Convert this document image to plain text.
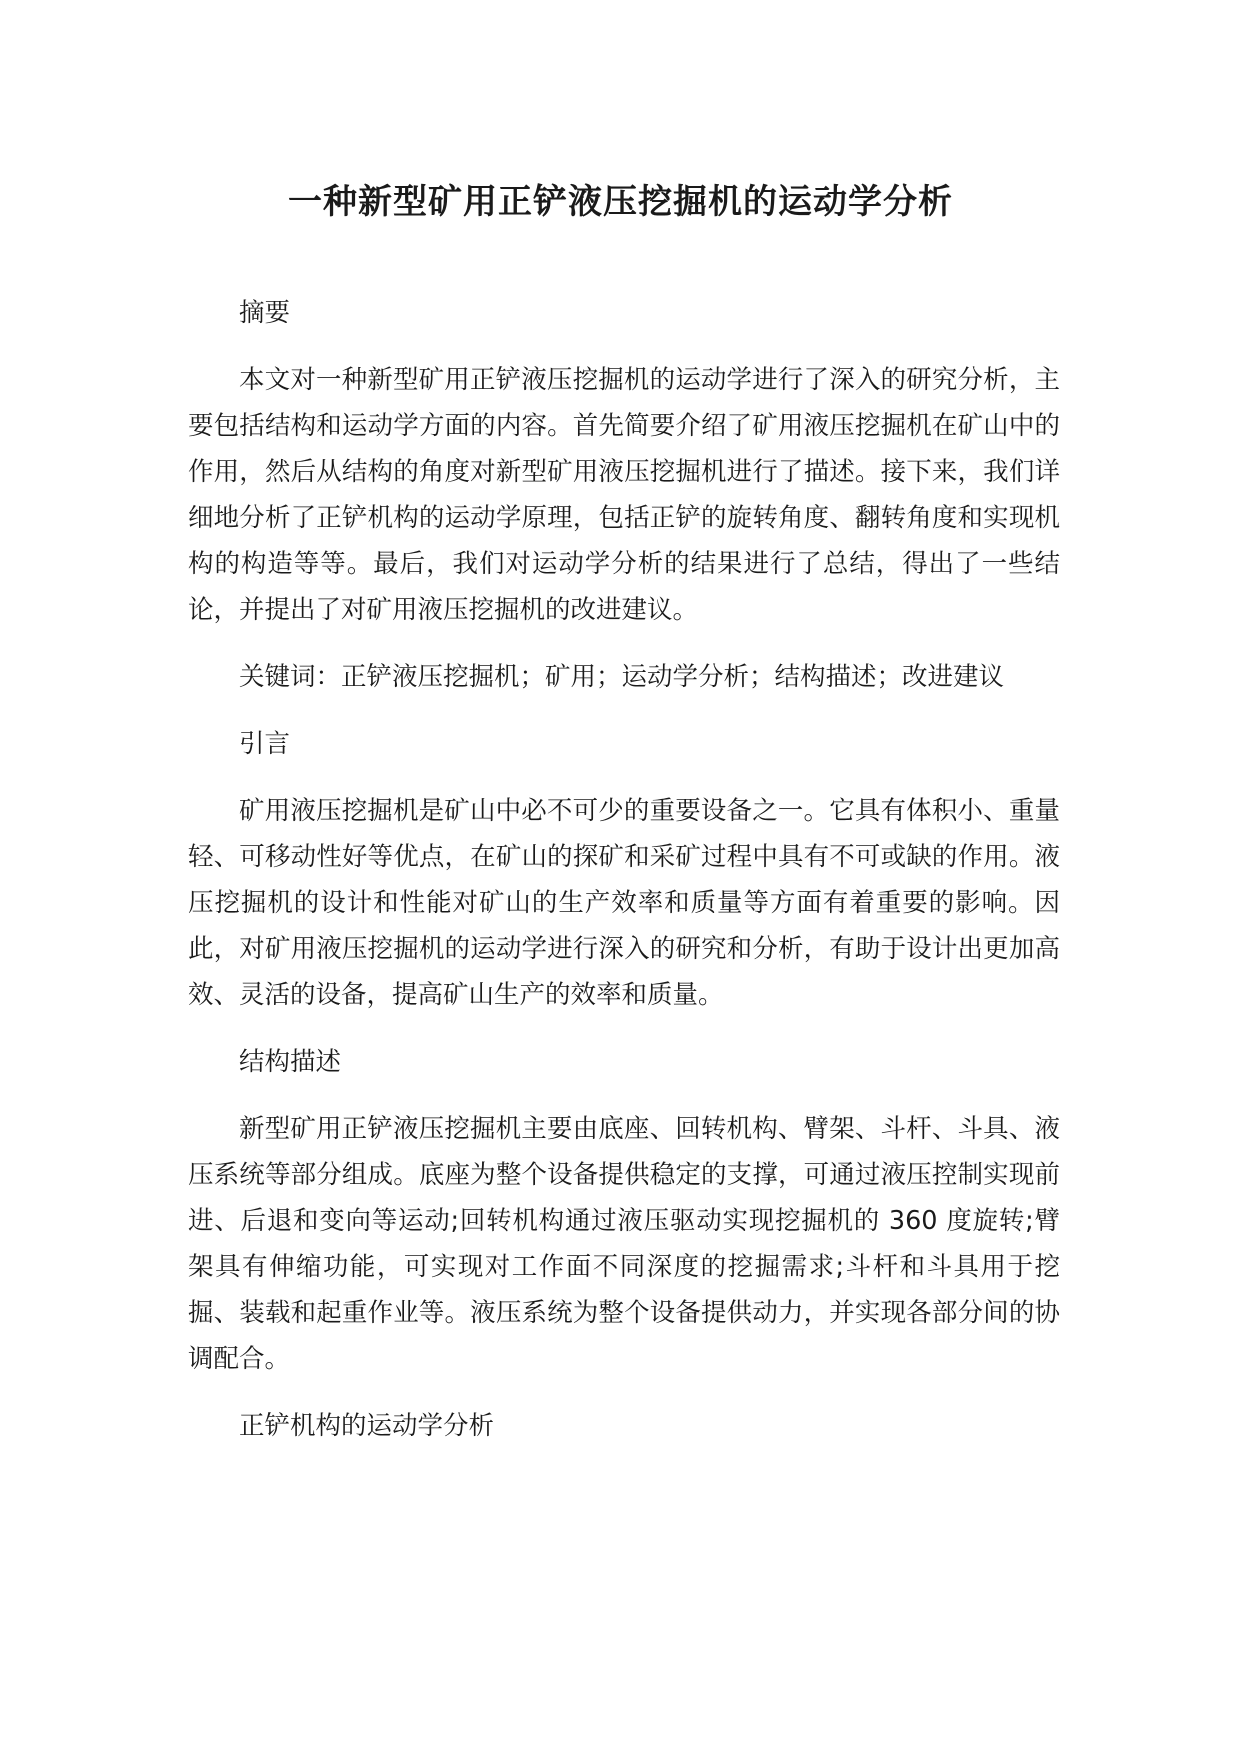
一种新型矿用正铲液压挖掘机的运动学分析

摘要

本文对一种新型矿用正铲液压挖掘机的运动学进行了深入的研究分析，主要包括结构和运动学方面的内容。首先简要介绍了矿用液压挖掘机在矿山中的作用，然后从结构的角度对新型矿用液压挖掘机进行了描述。接下来，我们详细地分析了正铲机构的运动学原理，包括正铲的旋转角度、翻转角度和实现机构的构造等等。最后，我们对运动学分析的结果进行了总结，得出了一些结论，并提出了对矿用液压挖掘机的改进建议。

关键词：正铲液压挖掘机；矿用；运动学分析；结构描述；改进建议

引言

矿用液压挖掘机是矿山中必不可少的重要设备之一。它具有体积小、重量轻、可移动性好等优点，在矿山的探矿和采矿过程中具有不可或缺的作用。液压挖掘机的设计和性能对矿山的生产效率和质量等方面有着重要的影响。因此，对矿用液压挖掘机的运动学进行深入的研究和分析，有助于设计出更加高效、灵活的设备，提高矿山生产的效率和质量。

结构描述

新型矿用正铲液压挖掘机主要由底座、回转机构、臂架、斗杆、斗具、液压系统等部分组成。底座为整个设备提供稳定的支撑，可通过液压控制实现前进、后退和变向等运动;回转机构通过液压驱动实现挖掘机的 360 度旋转;臂架具有伸缩功能，可实现对工作面不同深度的挖掘需求;斗杆和斗具用于挖掘、装载和起重作业等。液压系统为整个设备提供动力，并实现各部分间的协调配合。

正铲机构的运动学分析
